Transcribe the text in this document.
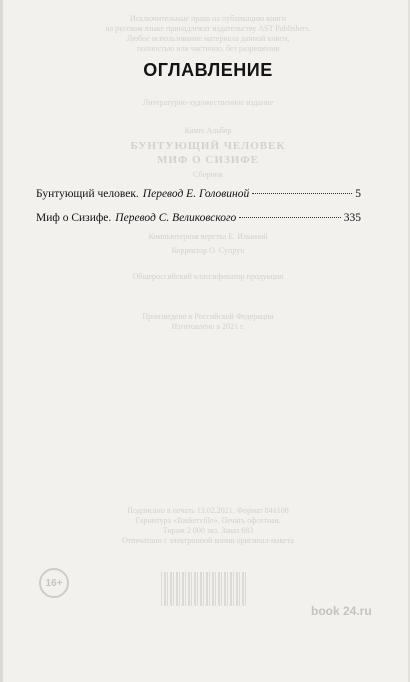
Исключительные права на публикацию книги
на русском языке принадлежат издательству AST Publishers.
Любое использование материала данной книги,
полностью или частично, без разрешения
Литературно-художественное издание
Камю Альбер
БУНТУЮЩИЙ ЧЕЛОВЕК
МИФ О СИЗИФЕ
Сборник
Компьютерная верстка Е. Ильиной
Корректор О. Супрун
Общероссийский классификатор продукции
Произведено в Российской Федерации
Изготовлено в 2021 г.
Подписано в печать 13.02.2021. Формат 84x108
Гарнитура «Baskerville». Печать офсетная.
Тираж 2 000 экз. Заказ 683
Отпечатано с электронной копии оригинал-макета
16+
book 24.ru
ОГЛАВЛЕНИЕ
Бунтующий человек. Перевод Е. Головиной	5
Миф о Сизифе. Перевод С. Великовского	335
